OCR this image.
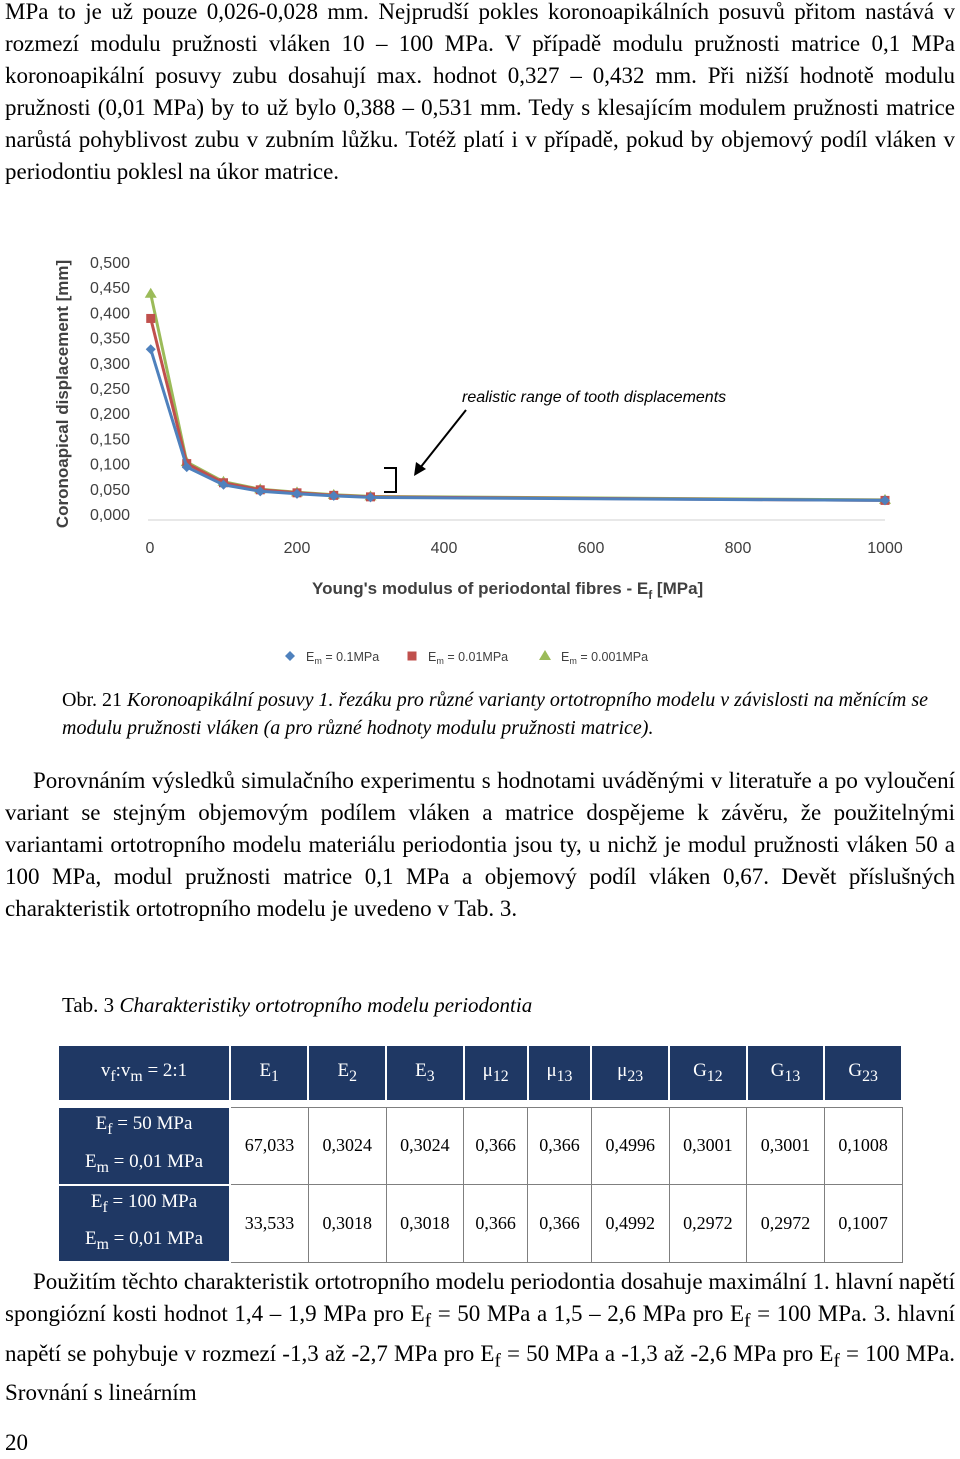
MPa to je už pouze 0,026-0,028 mm. Nejprudší pokles koronoapikálních posuvů přitom nastává v rozmezí modulu pružnosti vláken 10 – 100 MPa. V případě modulu pružnosti matrice 0,1 MPa koronoapikální posuvy zubu dosahují max. hodnot 0,327 – 0,432 mm. Při nižší hodnotě modulu pružnosti (0,01 MPa) by to už bylo 0,388 – 0,531 mm. Tedy s klesajícím modulem pružnosti matrice narůstá pohyblivost zubu v zubním lůžku. Totéž platí i v případě, pokud by objemový podíl vláken v periodontiu poklesl na úkor matrice.

0,000
0,050
0,100
0,150
0,200
0,250
0,300
0,350
0,400
0,450
0,500
0	200	400	600	800	1000
Coronoapical displacement [mm]
Young's modulus of periodontal fibres - $E_f$ [MPa]
realistic range of tooth displacements
$E_m = 0.1MPa$	$E_m = 0.01MPa$	$E_m = 0.001MPa$
Obr. 21 Koronoapikální posuvy 1. řezáku pro různé varianty ortotropního modelu v závislosti na měnícím se modulu pružnosti vláken (a pro různé hodnoty modulu pružnosti matrice).

Porovnáním výsledků simulačního experimentu s hodnotami uváděnými v literatuře a po vyloučení variant se stejným objemovým podílem vláken a matrice dospějeme k závěru, že použitelnými variantami ortotropního modelu materiálu periodontia jsou ty, u nichž je modul pružnosti vláken 50 a 100 MPa, modul pružnosti matrice 0,1 MPa a objemový podíl vláken 0,67. Devět příslušných charakteristik ortotropního modelu je uvedeno v Tab. 3.

Tab. 3 Charakteristiky ortotropního modelu periodontia
$v_f:v_m$ = 2:1	$E_1$	$E_2$	$E_3$	$\mu_{12}$	$\mu_{13}$	$\mu_{23}$	$G_{12}$	$G_{13}$	$G_{23}$

$E_f = 50$ MPa
$E_m = 0,01$ MPa	67,033	0,3024	0,3024	0,366	0,366	0,4996	0,3001	0,3001	0,1008

$E_f = 100$ MPa
$E_m = 0,01$ MPa	33,533	0,3018	0,3018	0,366	0,366	0,4992	0,2972	0,2972	0,1007

Použitím těchto charakteristik ortotropního modelu periodontia dosahuje maximální 1. hlavní napětí spongiózní kosti hodnot 1,4 – 1,9 MPa pro $E_f = 50$ MPa a 1,5 – 2,6 MPa pro $E_f = 100$ MPa. 3. hlavní napětí se pohybuje v rozmezí -1,3 až -2,7 MPa pro $E_f = 50$ MPa a -1,3 až -2,6 MPa pro $E_f = 100$ MPa. Srovnání s lineárním

20
